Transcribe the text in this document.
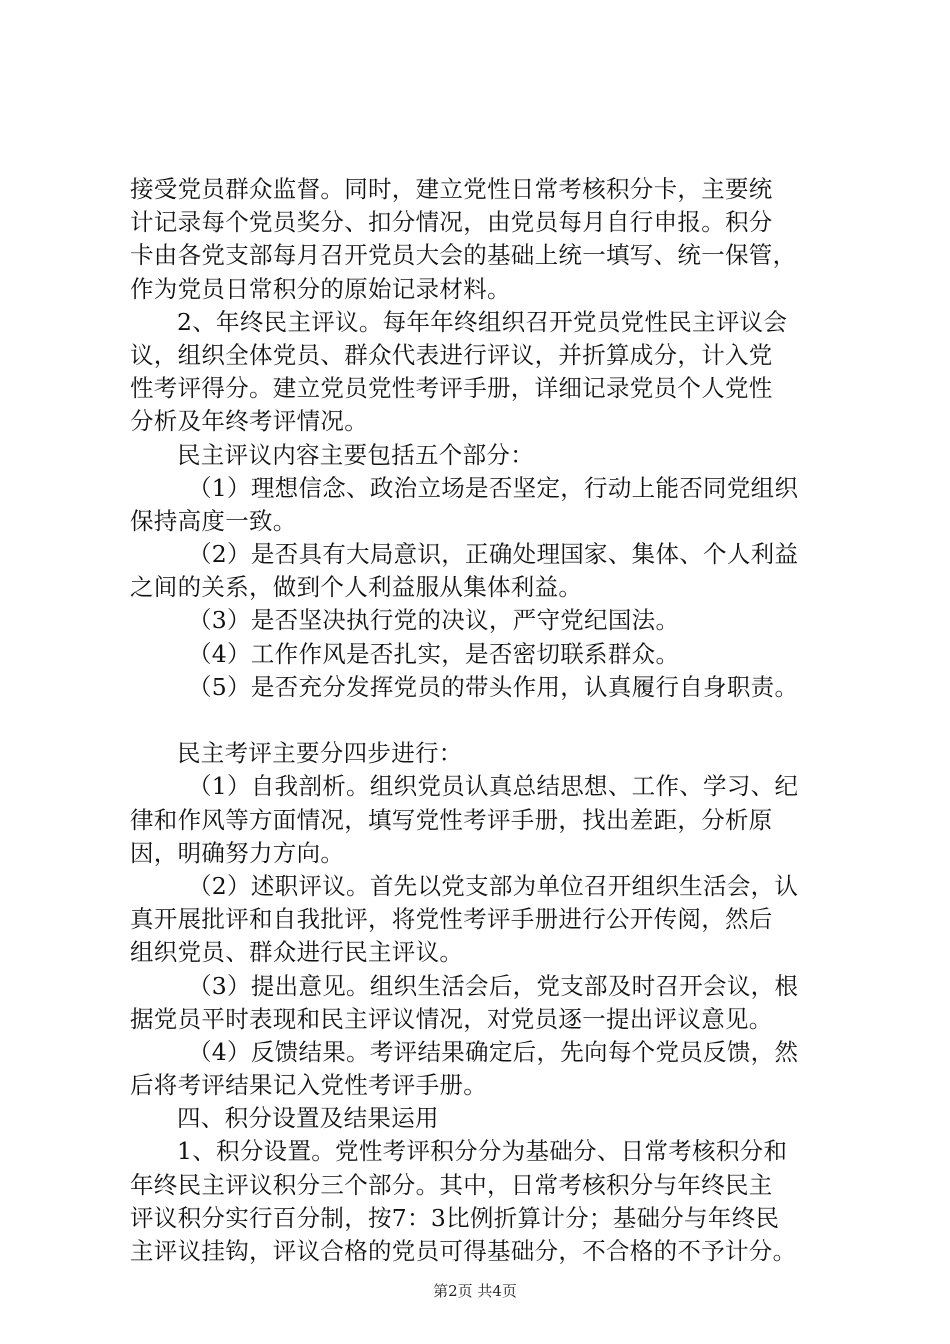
接受党员群众监督。同时，建立党性日常考核积分卡，主要统
计记录每个党员奖分、扣分情况，由党员每月自行申报。积分
卡由各党支部每月召开党员大会的基础上统一填写、统一保管，
作为党员日常积分的原始记录材料。
2、年终民主评议。每年年终组织召开党员党性民主评议会
议，组织全体党员、群众代表进行评议，并折算成分，计入党
性考评得分。建立党员党性考评手册，详细记录党员个人党性
分析及年终考评情况。
民主评议内容主要包括五个部分：
（1）理想信念、政治立场是否坚定，行动上能否同党组织
保持高度一致。
（2）是否具有大局意识，正确处理国家、集体、个人利益
之间的关系，做到个人利益服从集体利益。
（3）是否坚决执行党的决议，严守党纪国法。
（4）工作作风是否扎实，是否密切联系群众。
（5）是否充分发挥党员的带头作用，认真履行自身职责。
民主考评主要分四步进行：
（1）自我剖析。组织党员认真总结思想、工作、学习、纪
律和作风等方面情况，填写党性考评手册，找出差距，分析原
因，明确努力方向。
（2）述职评议。首先以党支部为单位召开组织生活会，认
真开展批评和自我批评，将党性考评手册进行公开传阅，然后
组织党员、群众进行民主评议。
（3）提出意见。组织生活会后，党支部及时召开会议，根
据党员平时表现和民主评议情况，对党员逐一提出评议意见。
（4）反馈结果。考评结果确定后，先向每个党员反馈，然
后将考评结果记入党性考评手册。
四、积分设置及结果运用
1、积分设置。党性考评积分分为基础分、日常考核积分和
年终民主评议积分三个部分。其中，日常考核积分与年终民主
评议积分实行百分制，按7：3比例折算计分；基础分与年终民
主评议挂钩，评议合格的党员可得基础分，不合格的不予计分。
第2页 共4页
